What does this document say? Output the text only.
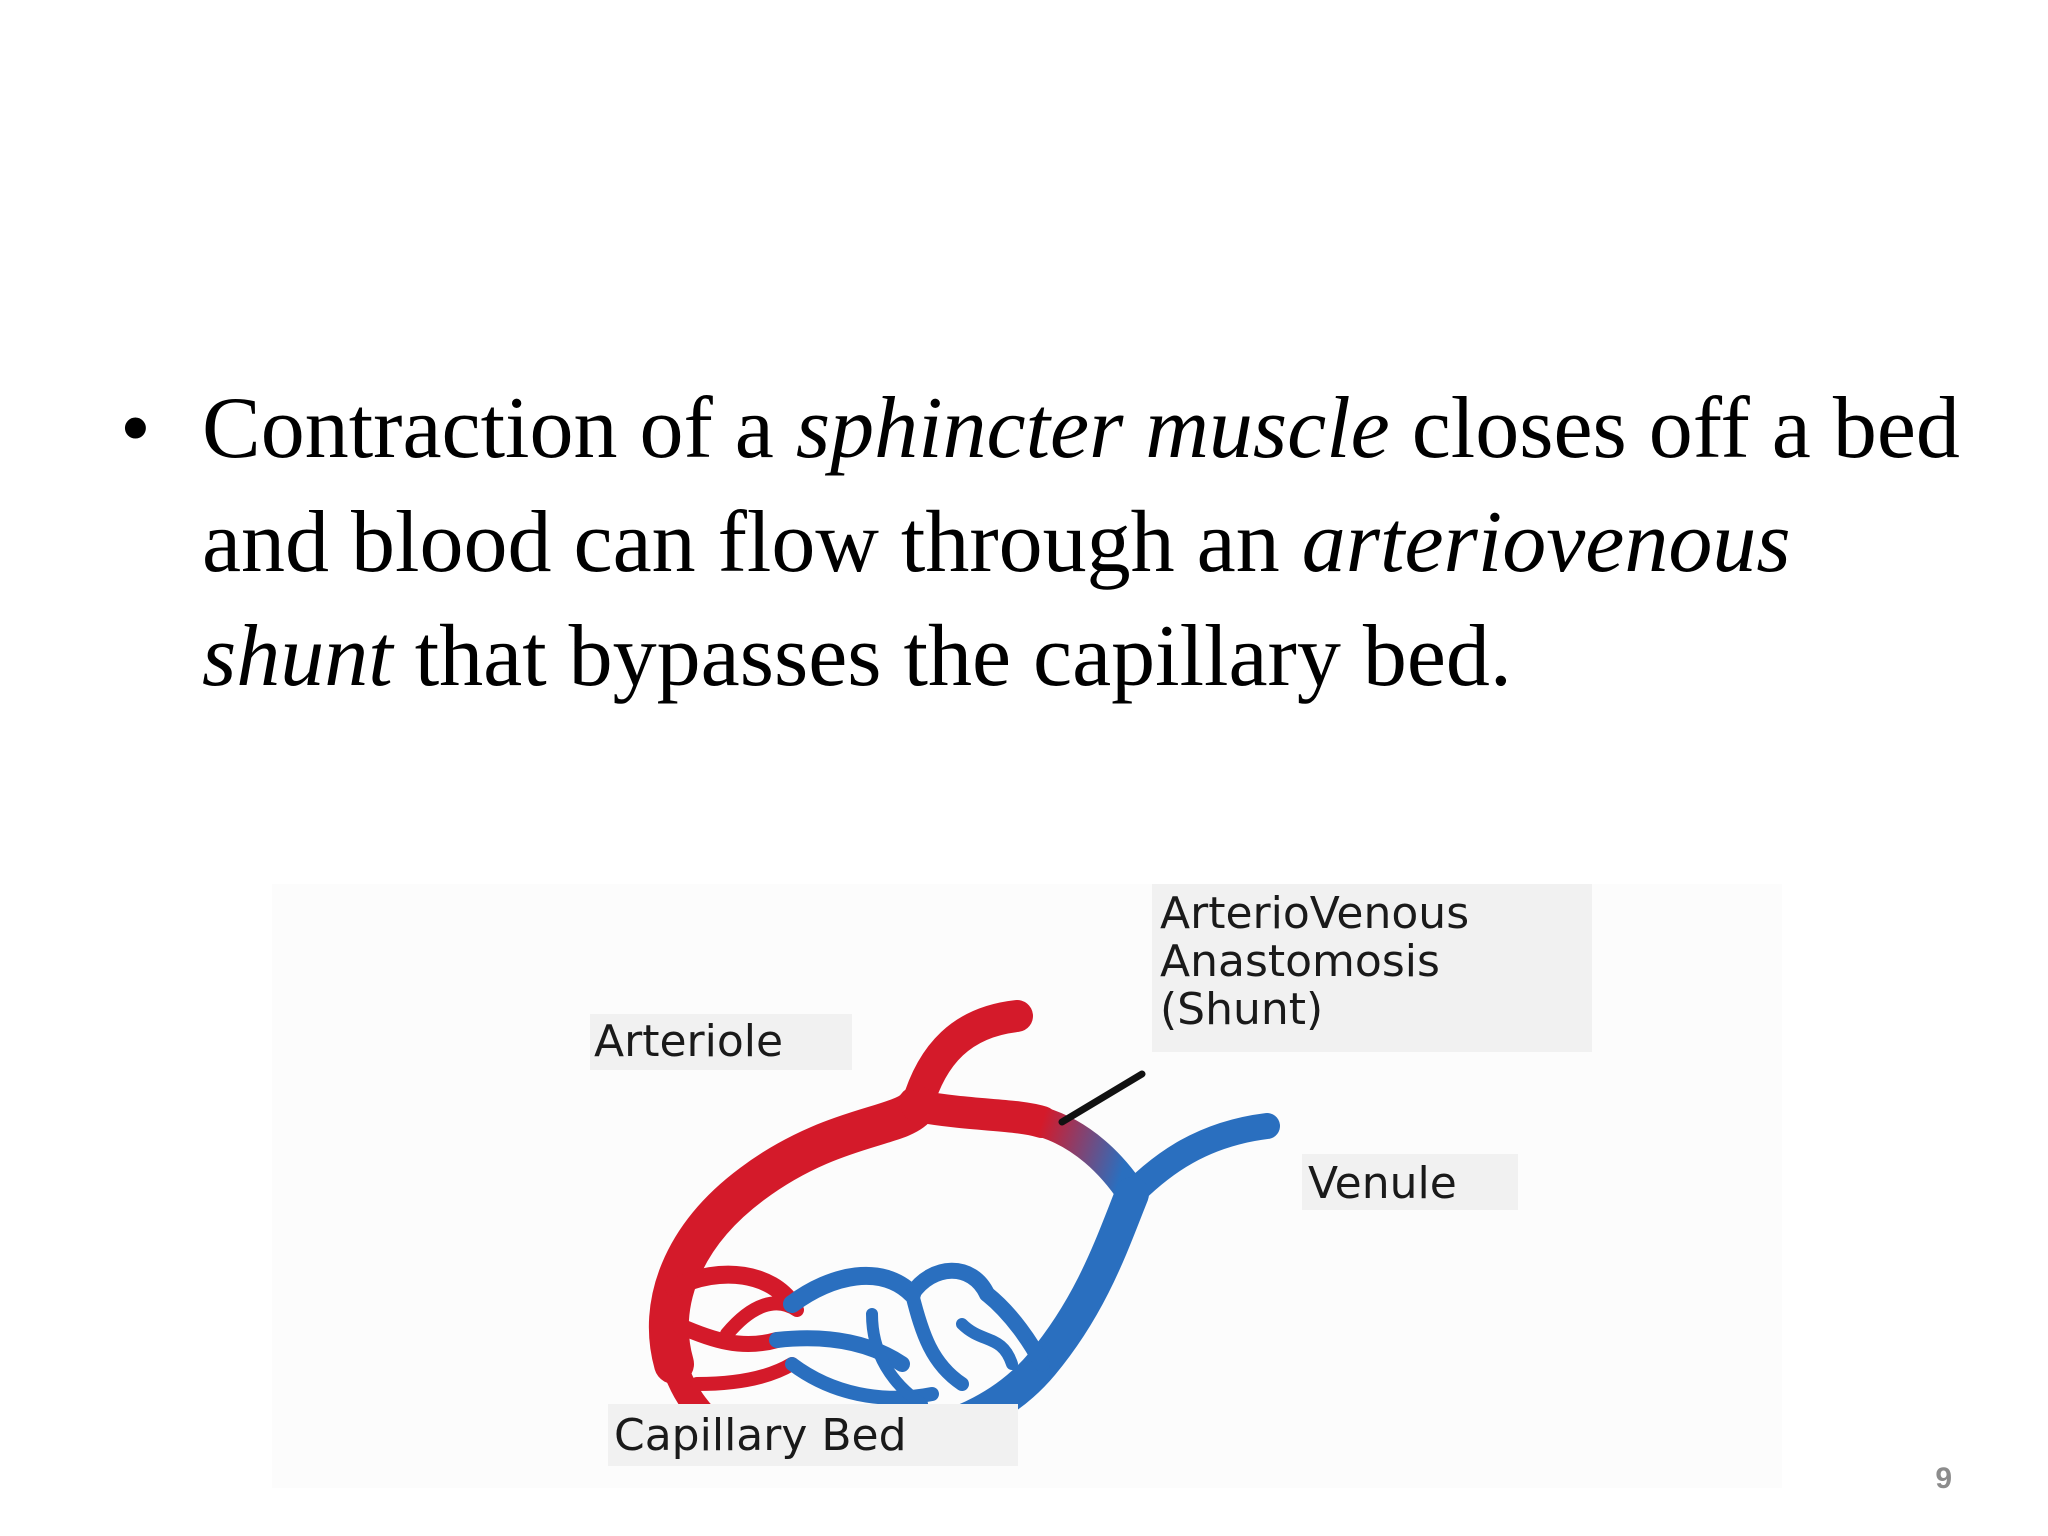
• Contraction of a sphincter muscle closes off a bed and blood can flow through an arteriovenous shunt that bypasses the capillary bed.
Arteriole
ArterioVenous
Anastomosis
(Shunt)
Venule
Capillary Bed
9
